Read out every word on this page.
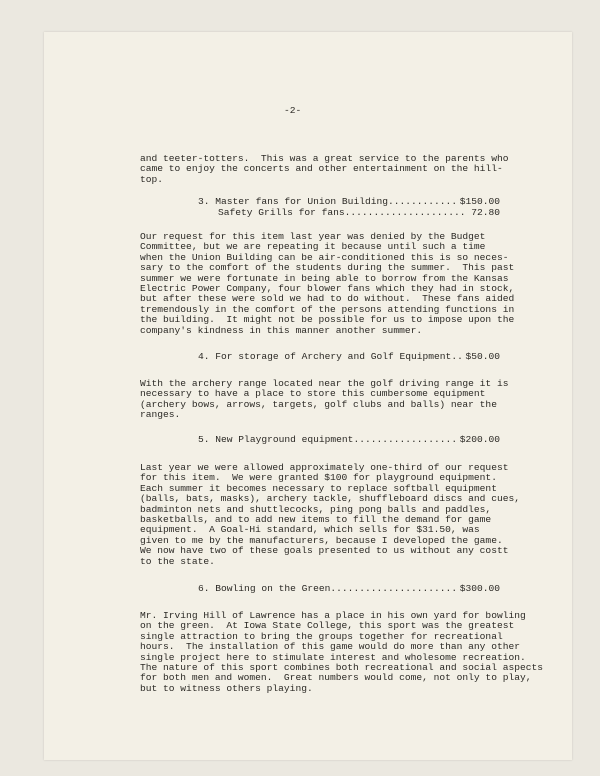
-2-
and teeter-totters.  This was a great service to the parents who
came to enjoy the concerts and other entertainment on the hill-
top.
3. Master fans for Union Building............ $150.00
Safety Grills for fans..................... 72.80
Our request for this item last year was denied by the Budget
Committee, but we are repeating it because until such a time
when the Union Building can be air-conditioned this is so neces-
sary to the comfort of the students during the summer.  This past
summer we were fortunate in being able to borrow from the Kansas
Electric Power Company, four blower fans which they had in stock,
but after these were sold we had to do without.  These fans aided
tremendously in the comfort of the persons attending functions in
the building.  It might not be possible for us to impose upon the
company's kindness in this manner another summer.
4. For storage of Archery and Golf Equipment.. $50.00
With the archery range located near the golf driving range it is
necessary to have a place to store this cumbersome equipment
(archery bows, arrows, targets, golf clubs and balls) near the
ranges.
5. New Playground equipment.................. $200.00
Last year we were allowed approximately one-third of our request
for this item.  We were granted $100 for playground equipment.
Each summer it becomes necessary to replace softball equipment
(balls, bats, masks), archery tackle, shuffleboard discs and cues,
badminton nets and shuttlecocks, ping pong balls and paddles,
basketballs, and to add new items to fill the demand for game
equipment.  A Goal-Hi standard, which sells for $31.50, was
given to me by the manufacturers, because I developed the game.
We now have two of these goals presented to us without any costt
to the state.
6. Bowling on the Green...................... $300.00
Mr. Irving Hill of Lawrence has a place in his own yard for bowling
on the green.  At Iowa State College, this sport was the greatest
single attraction to bring the groups together for recreational
hours.  The installation of this game would do more than any other
single project here to stimulate interest and wholesome recreation.
The nature of this sport combines both recreational and social aspects
for both men and women.  Great numbers would come, not only to play,
but to witness others playing.
